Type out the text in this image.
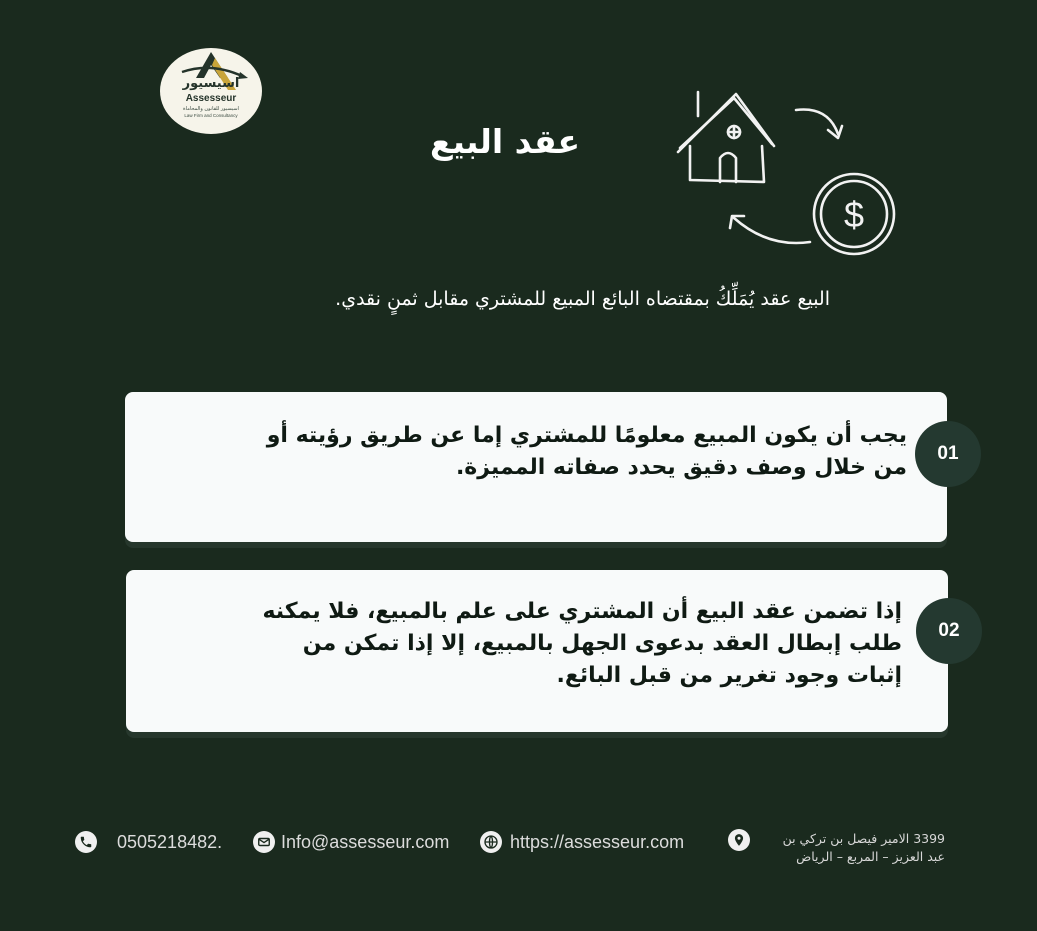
اسيسيور
Assesseur
اسيسيور للقانون والمحاماة
Law Firm and Consultancy
عقد البيع
$
البيع عقد يُمَلِّكُ بمقتضاه البائع المبيع للمشتري مقابل ثمنٍ نقدي.
يجب أن يكون المبيع معلومًا للمشتري إما عن طريق رؤيته أو
من خلال وصف دقيق يحدد صفاته المميزة.
01
إذا تضمن عقد البيع أن المشتري على علم بالمبيع، فلا يمكنه
طلب إبطال العقد بدعوى الجهل بالمبيع، إلا إذا تمكن من
إثبات وجود تغرير من قبل البائع.
02
0505218482.	Info@assesseur.com	https://assesseur.com	3399 الامير فيصل بن تركي بن
عبد العزيز – المربع – الرياض
